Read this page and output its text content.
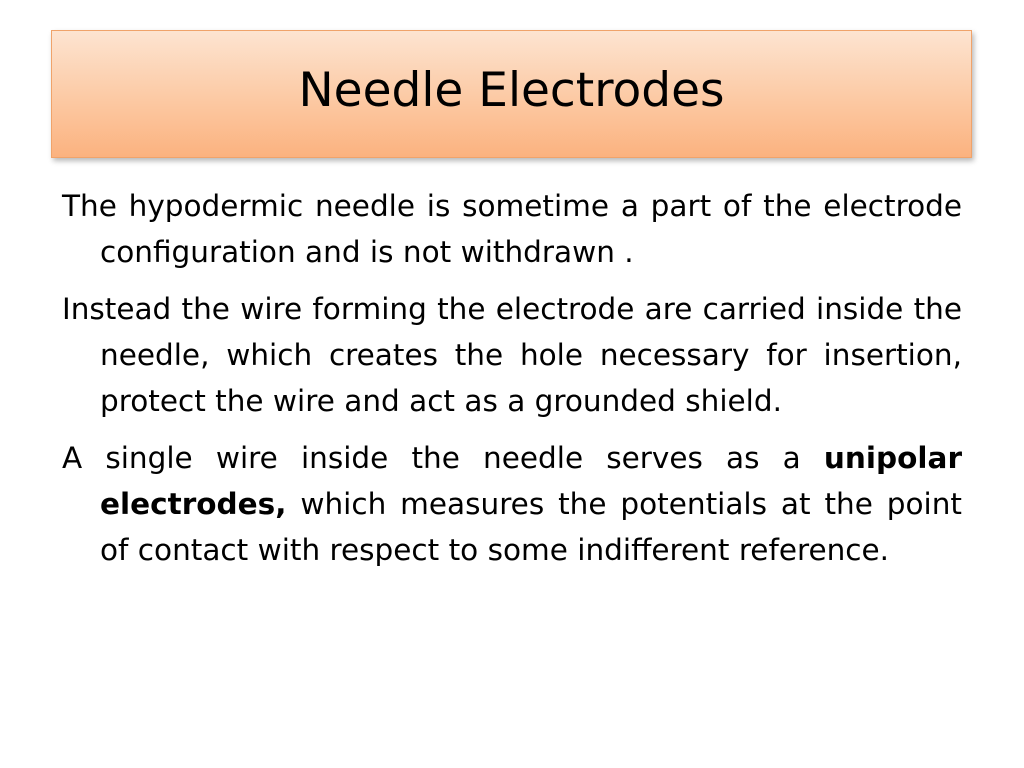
Needle Electrodes

The hypodermic needle is sometime a part of the electrode configuration and is not withdrawn .

Instead the wire forming the electrode are carried inside the needle, which creates the hole necessary for insertion, protect the wire and act as a grounded shield.

A single wire inside the needle serves as a unipolar electrodes, which measures the potentials at the point of contact with respect to some indifferent reference.
